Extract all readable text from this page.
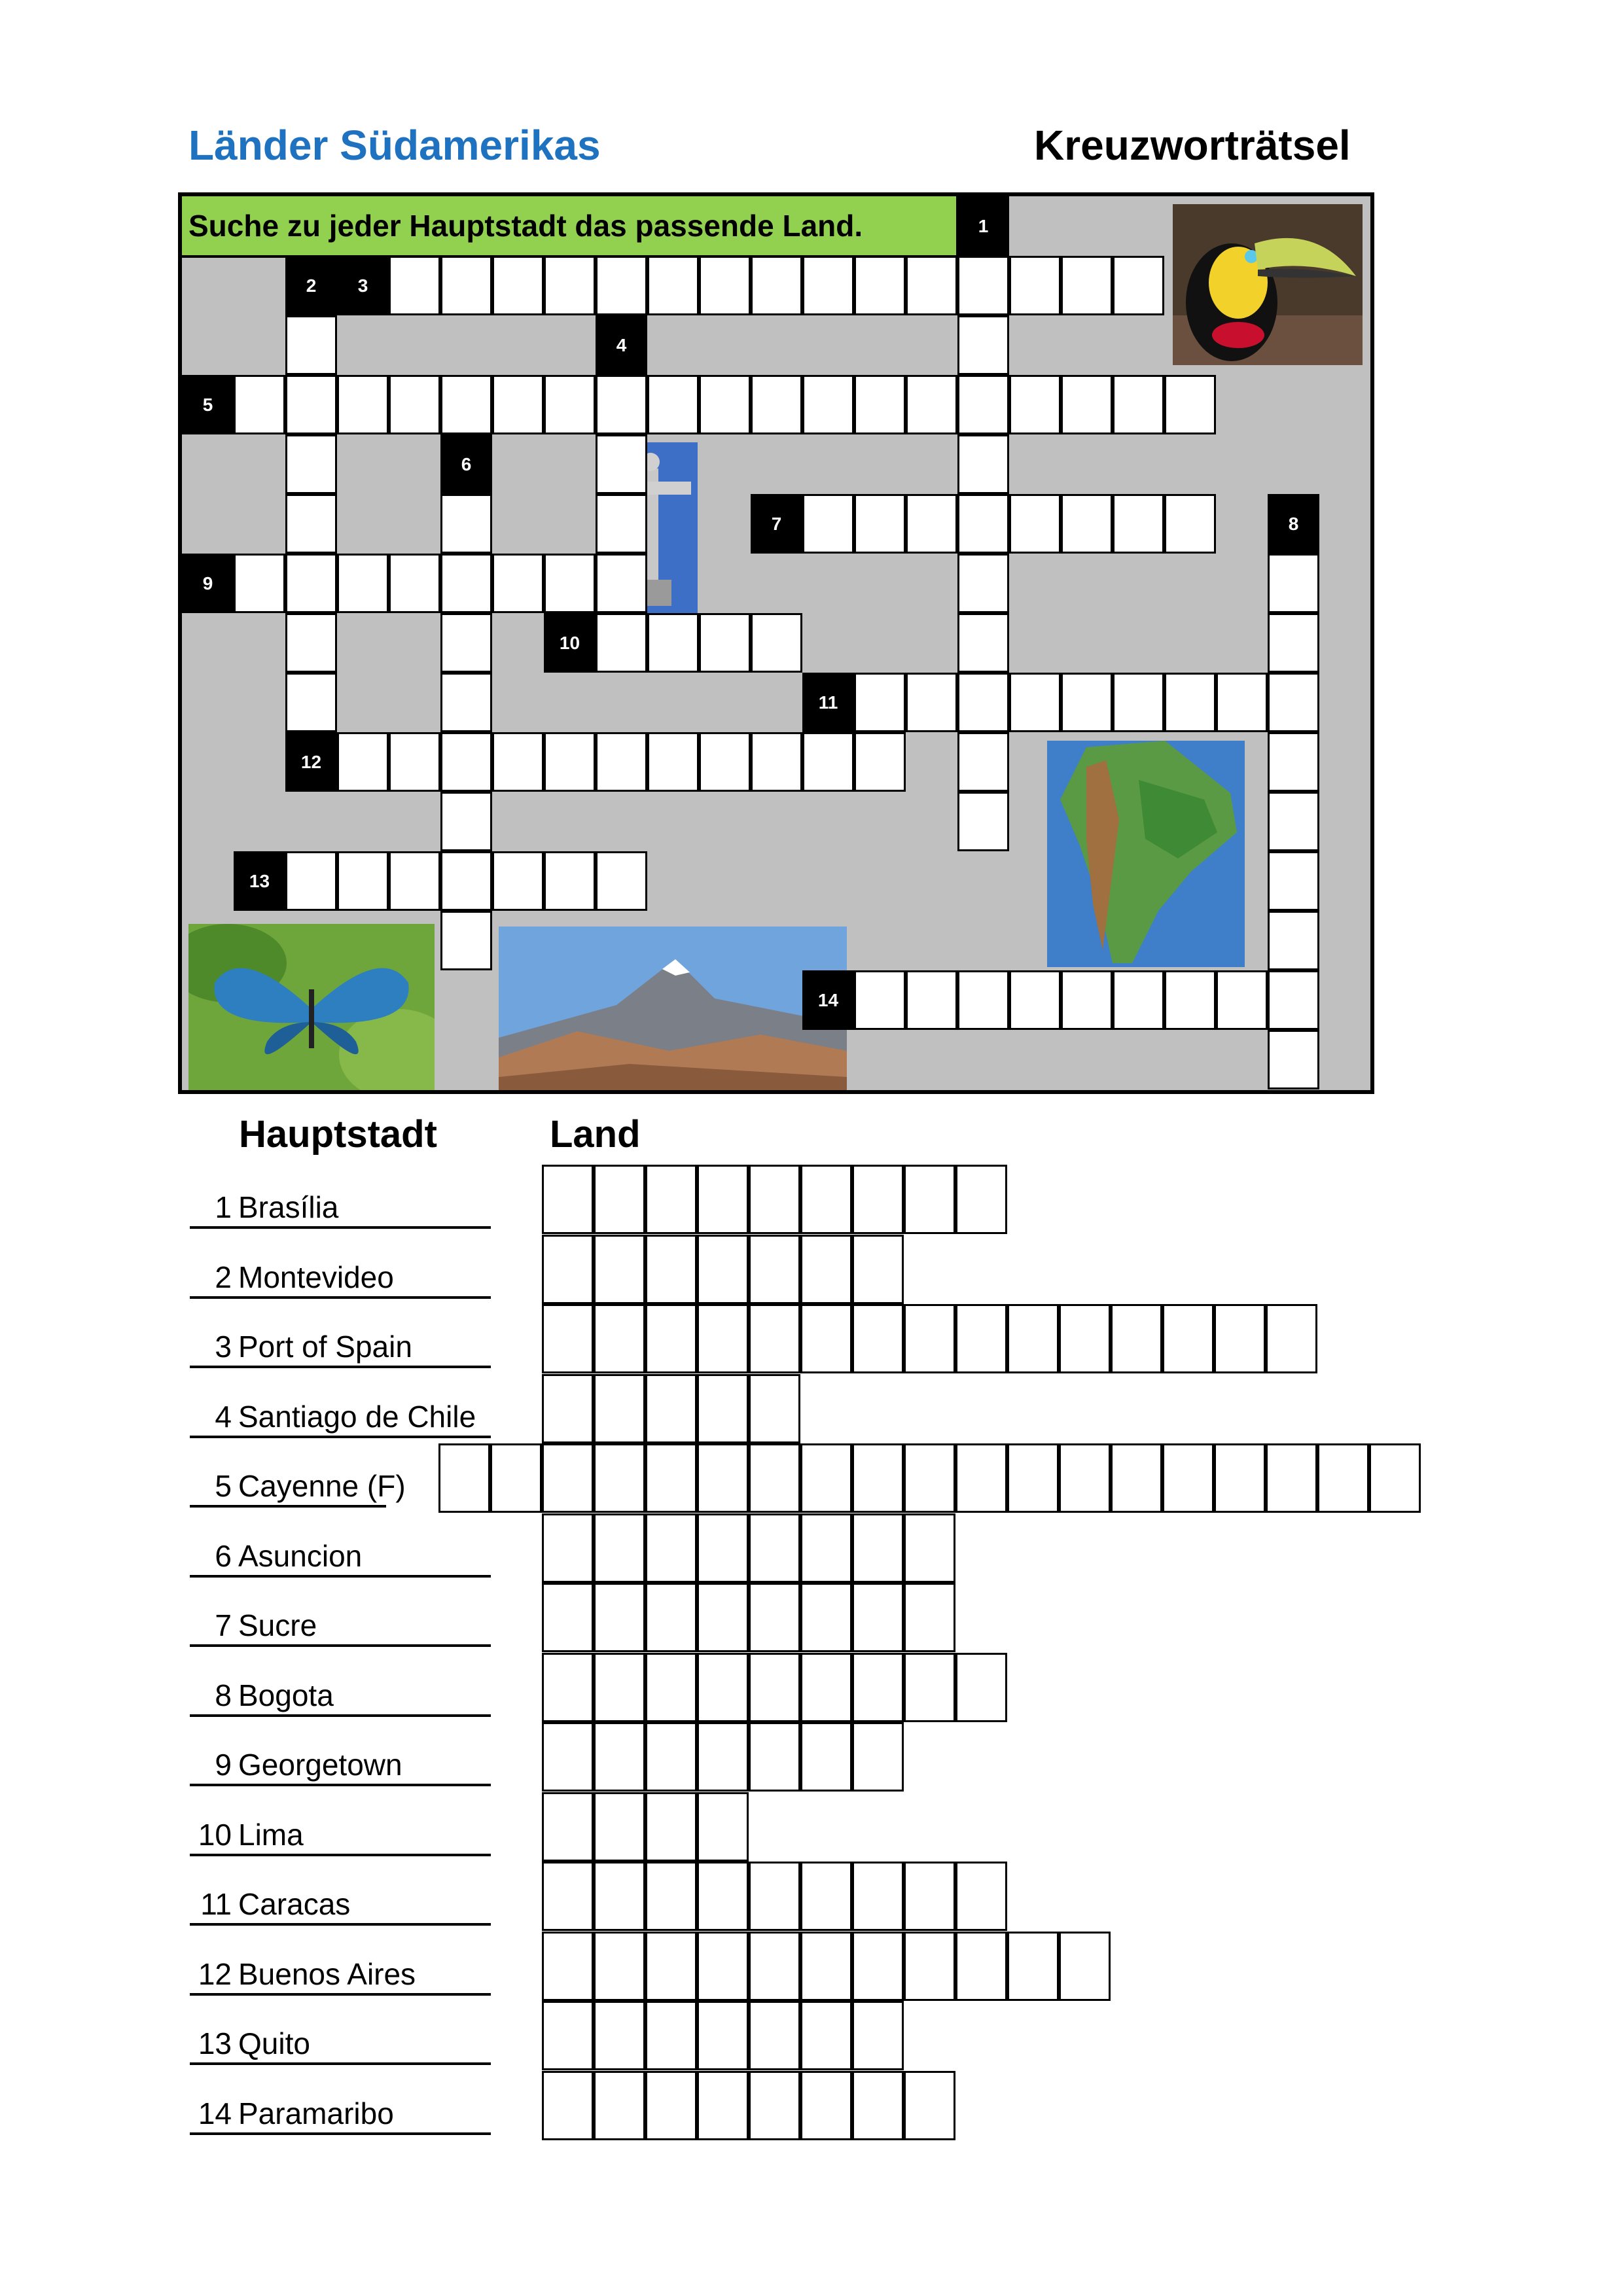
Länder Südamerikas	Kreuzworträtsel
Suche zu jeder Hauptstadt das passende Land.	1
2	3
4
5
6
7	8
9
10
11
12
13
14
Hauptstadt	Land
1 Brasília
2 Montevideo
3 Port of Spain
4 Santiago de Chile
5 Cayenne (F)
6 Asuncion
7 Sucre
8 Bogota
9 Georgetown
10 Lima
11 Caracas
12 Buenos Aires
13 Quito
14 Paramaribo
